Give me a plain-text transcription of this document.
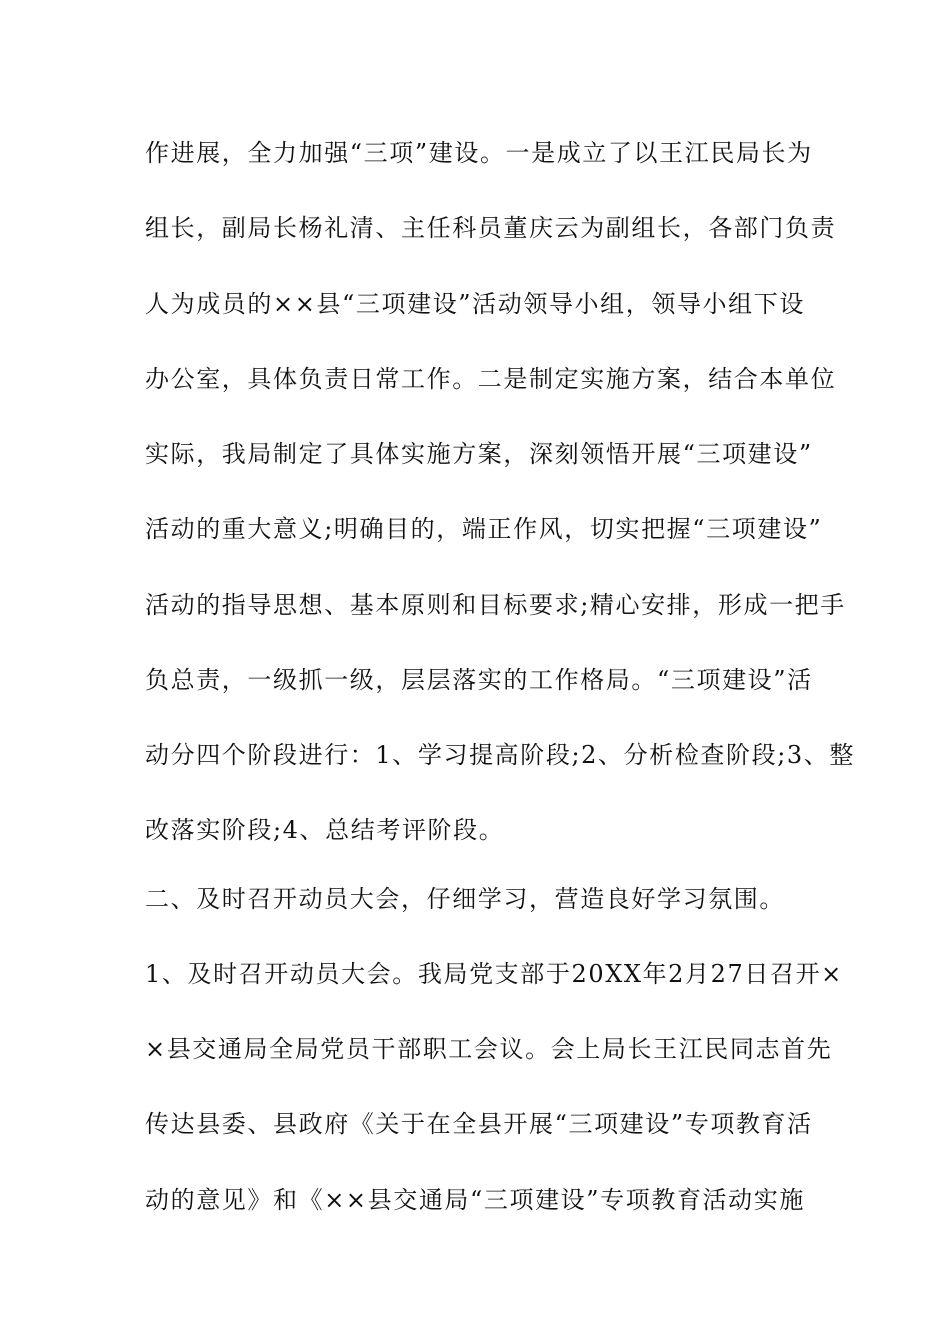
作进展，全力加强“三项”建设。一是成立了以王江民局长为
组长，副局长杨礼清、主任科员董庆云为副组长，各部门负责
人为成员的××县“三项建设”活动领导小组，领导小组下设
办公室，具体负责日常工作。二是制定实施方案，结合本单位
实际，我局制定了具体实施方案，深刻领悟开展“三项建设”
活动的重大意义;明确目的，端正作风，切实把握“三项建设”
活动的指导思想、基本原则和目标要求;精心安排，形成一把手
负总责，一级抓一级，层层落实的工作格局。“三项建设”活
动分四个阶段进行：1、学习提高阶段;2、分析检查阶段;3、整
改落实阶段;4、总结考评阶段。
二、及时召开动员大会，仔细学习，营造良好学习氛围。
1、及时召开动员大会。我局党支部于20XX年2月27日召开×
×县交通局全局党员干部职工会议。会上局长王江民同志首先
传达县委、县政府《关于在全县开展“三项建设”专项教育活
动的意见》和《××县交通局“三项建设”专项教育活动实施
